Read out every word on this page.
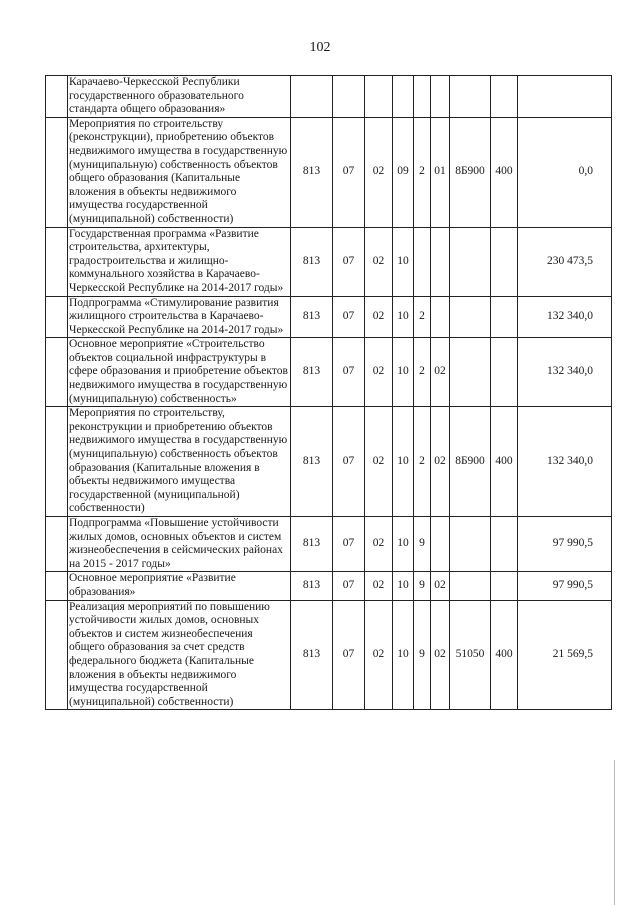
102
	Карачаево-Черкесской Республики государственного образовательного стандарта общего образования»									
	Мероприятия по строительству (реконструкции), приобретению объектов недвижимого имущества в государственную (муниципальную) собственность объектов общего образования (Капитальные вложения в объекты недвижимого имущества государственной (муниципальной) собственности)	813	07	02	09	2	01	8Б900	400	0,0
	Государственная программа «Развитие строительства, архитектуры, градостроительства и жилищно-коммунального хозяйства в Карачаево-Черкесской Республике на 2014-2017 годы»	813	07	02	10					230 473,5
	Подпрограмма «Стимулирование развития жилищного строительства в Карачаево-Черкесской Республике на 2014-2017 годы»	813	07	02	10	2				132 340,0
	Основное мероприятие «Строительство объектов социальной инфраструктуры в сфере образования и приобретение объектов недвижимого имущества в государственную (муниципальную) собственность»	813	07	02	10	2	02			132 340,0
	Мероприятия по строительству, реконструкции и приобретению объектов недвижимого имущества в государственную (муниципальную) собственность объектов образования (Капитальные вложения в объекты недвижимого имущества государственной (муниципальной) собственности)	813	07	02	10	2	02	8Б900	400	132 340,0
	Подпрограмма «Повышение устойчивости жилых домов, основных объектов и систем жизнеобеспечения в сейсмических районах на 2015 - 2017 годы»	813	07	02	10	9				97 990,5
	Основное мероприятие «Развитие образования»	813	07	02	10	9	02			97 990,5
	Реализация мероприятий по повышению устойчивости жилых домов, основных объектов и систем жизнеобеспечения общего образования за счет средств федерального бюджета (Капитальные вложения в объекты недвижимого имущества государственной (муниципальной) собственности)	813	07	02	10	9	02	51050	400	21 569,5
